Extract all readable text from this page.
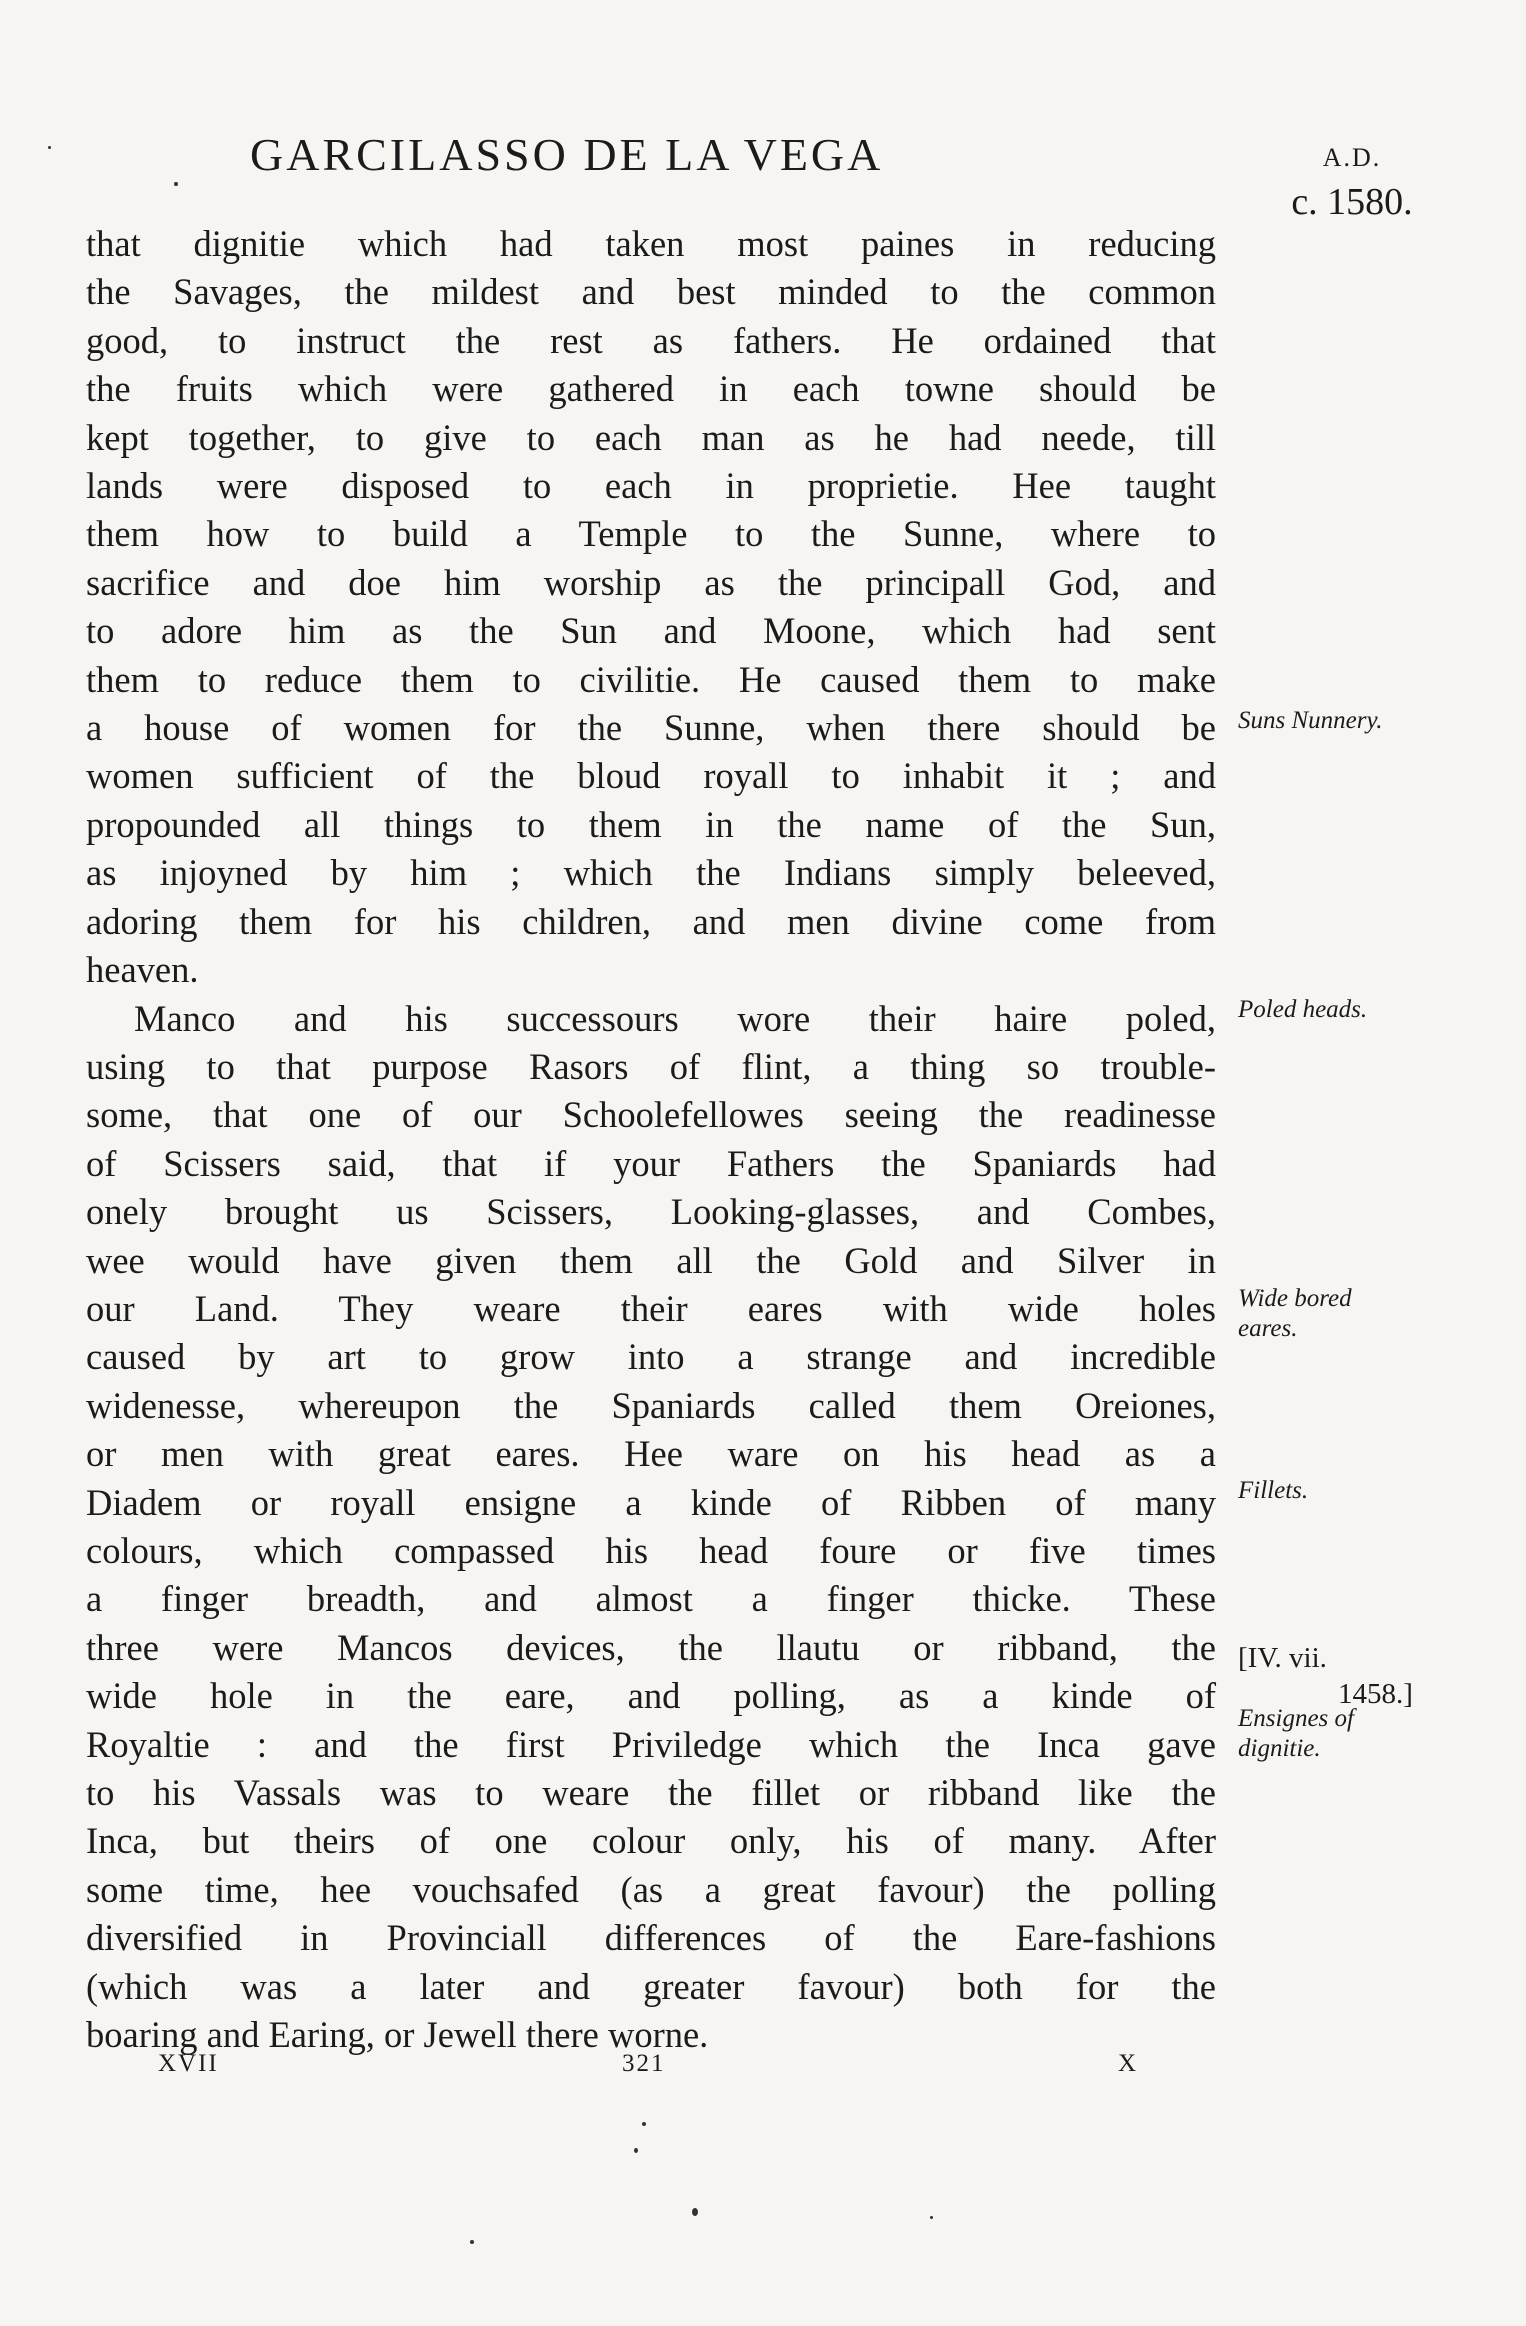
GARCILASSO DE LA VEGA	A.D.
c. 1580.
that dignitie which had taken most paines in reducing
the Savages, the mildest and best minded to the common
good, to instruct the rest as fathers. He ordained that
the fruits which were gathered in each towne should be
kept together, to give to each man as he had neede, till
lands were disposed to each in proprietie. Hee taught
them how to build a Temple to the Sunne, where to
sacrifice and doe him worship as the principall God, and
to adore him as the Sun and Moone, which had sent
them to reduce them to civilitie. He caused them to make
a house of women for the Sunne, when there should be
women sufficient of the bloud royall to inhabit it ; and
propounded all things to them in the name of the Sun,
as injoyned by him ; which the Indians simply beleeved,
adoring them for his children, and men divine come from
heaven.
Manco and his successours wore their haire poled,
using to that purpose Rasors of flint, a thing so trouble-
some, that one of our Schoolefellowes seeing the readinesse
of Scissers said, that if your Fathers the Spaniards had
onely brought us Scissers, Looking-glasses, and Combes,
wee would have given them all the Gold and Silver in
our Land. They weare their eares with wide holes
caused by art to grow into a strange and incredible
widenesse, whereupon the Spaniards called them Oreiones,
or men with great eares. Hee ware on his head as a
Diadem or royall ensigne a kinde of Ribben of many
colours, which compassed his head foure or five times
a finger breadth, and almost a finger thicke. These
three were Mancos devices, the llautu or ribband, the
wide hole in the eare, and polling, as a kinde of
Royaltie : and the first Priviledge which the Inca gave
to his Vassals was to weare the fillet or ribband like the
Inca, but theirs of one colour only, his of many. After
some time, hee vouchsafed (as a great favour) the polling
diversified in Provinciall differences of the Eare-fashions
(which was a later and greater favour) both for the
boaring and Earing, or Jewell there worne.
Suns Nunnery.
Poled heads.
Wide bored
eares.
Fillets.
[IV. vii.
1458.]
Ensignes of
dignitie.
XVII	321	X
